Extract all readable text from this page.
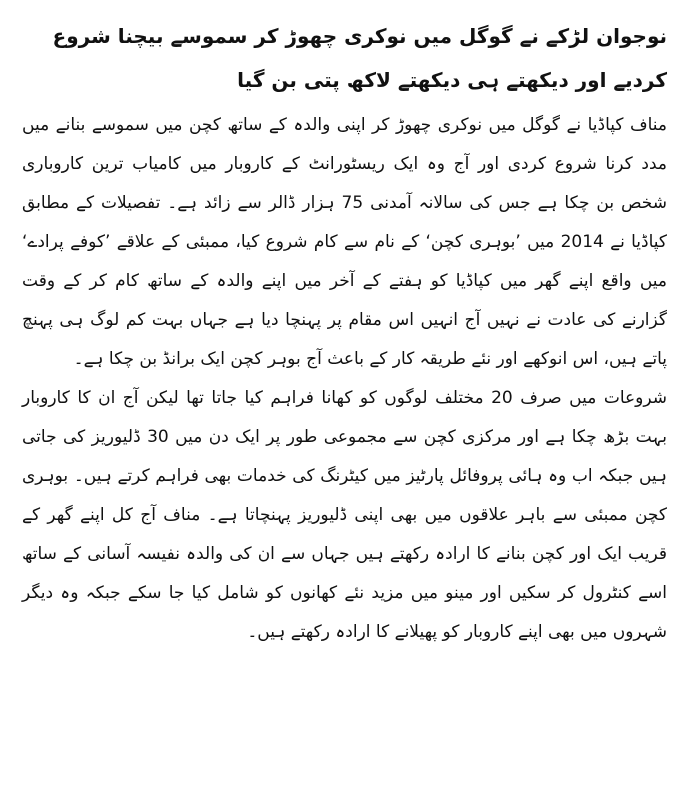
نوجوان لڑکے نے گوگل میں نوکری چھوڑ کر سموسے بیچنا شروع کردیے اور دیکھتے ہی دیکھتے لاکھ پتی بن گیا

مناف کپاڈیا نے گوگل میں نوکری چھوڑ کر اپنی والدہ کے ساتھ کچن میں سموسے بنانے میں مدد کرنا شروع کردی اور آج وہ ایک ریسٹورانٹ کے کاروبار میں کامیاب ترین کاروباری شخص بن چکا ہے جس کی سالانہ آمدنی 75 ہزار ڈالر سے زائد ہے۔ تفصیلات کے مطابق کپاڈیا نے 2014 میں ’بوہری کچن‘ کے نام سے کام شروع کیا، ممبئی کے علاقے ’کوفے پرادے‘ میں واقع اپنے گھر میں کپاڈیا کو ہفتے کے آخر میں اپنے والدہ کے ساتھ کام کر کے وقت گزارنے کی عادت نے نہیں آج انہیں اس مقام پر پہنچا دیا ہے جہاں بہت کم لوگ ہی پہنچ پاتے ہیں، اس انوکھے اور نئے طریقہ کار کے باعث آج بوہر کچن ایک برانڈ بن چکا ہے۔

شروعات میں صرف 20 مختلف لوگوں کو کھانا فراہم کیا جاتا تھا لیکن آج ان کا کاروبار بہت بڑھ چکا ہے اور مرکزی کچن سے مجموعی طور پر ایک دن میں 30 ڈلیوریز کی جاتی ہیں جبکہ اب وہ ہائی پروفائل پارٹیز میں کیٹرنگ کی خدمات بھی فراہم کرتے ہیں۔ بوہری کچن ممبئی سے باہر علاقوں میں بھی اپنی ڈلیوریز پہنچاتا ہے۔ مناف آج کل اپنے گھر کے قریب ایک اور کچن بنانے کا ارادہ رکھتے ہیں جہاں سے ان کی والدہ نفیسہ آسانی کے ساتھ اسے کنٹرول کر سکیں اور مینو میں مزید نئے کھانوں کو شامل کیا جا سکے جبکہ وہ دیگر شہروں میں بھی اپنے کاروبار کو پھیلانے کا ارادہ رکھتے ہیں۔
